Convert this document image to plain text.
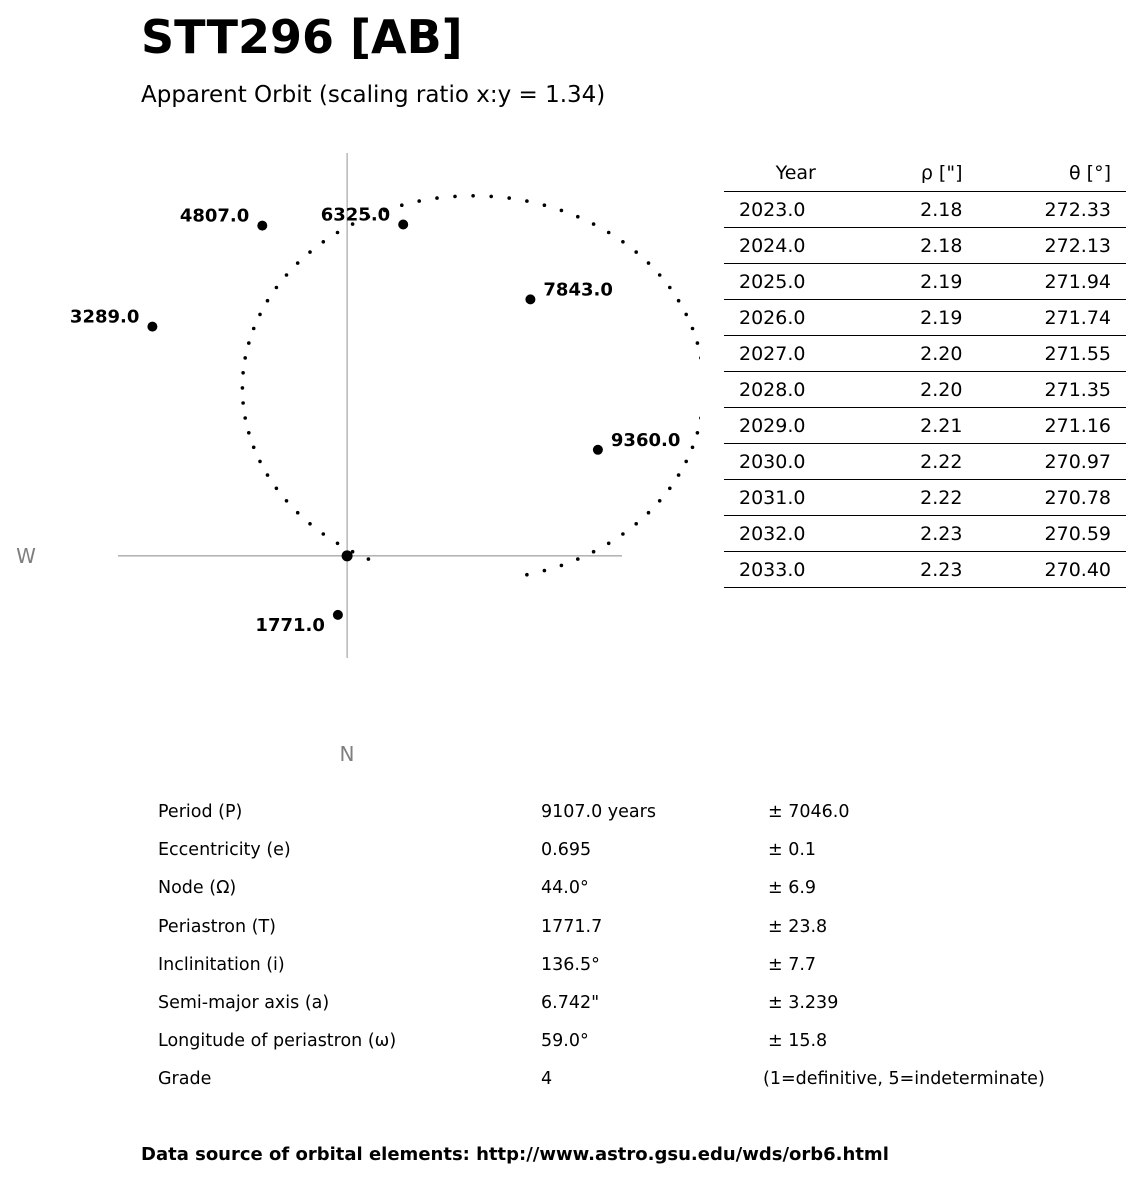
STT296 [AB]
Apparent Orbit (scaling ratio x:y = 1.34)
1771.0
3289.0
4807.0	6325.0
7843.0
9360.0
W
N
Year	ρ ["]	θ [°]
2023.0	2.18	272.33
2024.0	2.18	272.13
2025.0	2.19	271.94
2026.0	2.19	271.74
2027.0	2.20	271.55
2028.0	2.20	271.35
2029.0	2.21	271.16
2030.0	2.22	270.97
2031.0	2.22	270.78
2032.0	2.23	270.59
2033.0	2.23	270.40
Period (P)	9107.0 years	± 7046.0
Eccentricity (e)	0.695	± 0.1
Node (Ω)	44.0°	± 6.9
Periastron (T)	1771.7	± 23.8
Inclinitation (i)	136.5°	± 7.7
Semi-major axis (a)	6.742"	± 3.239
Longitude of periastron (ω)	59.0°	± 15.8
Grade	4	(1=definitive, 5=indeterminate)
Data source of orbital elements: http://www.astro.gsu.edu/wds/orb6.html
